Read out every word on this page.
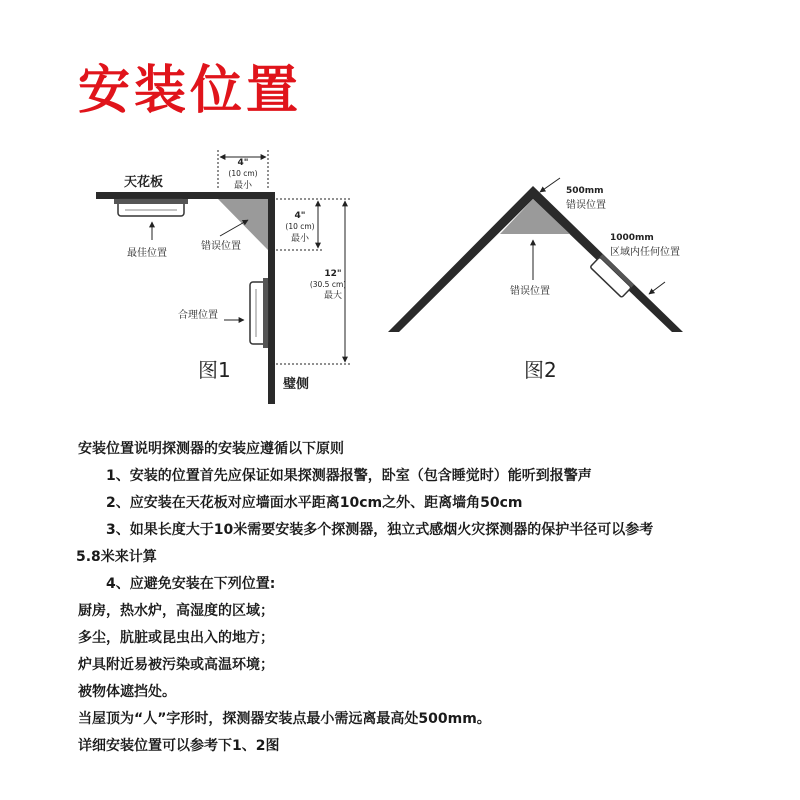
安装位置
天花板
最佳位置
错误位置
合理位置
4"
(10 cm)
最小
4"
(10 cm)
最小
12"
(30.5 cm)
最大
璧侧
图1
500mm
错误位置
1000mm
区域内任何位置
错误位置
图2
安装位置说明探测器的安装应遵循以下原则
1、安装的位置首先应保证如果探测器报警，卧室（包含睡觉时）能听到报警声
2、应安装在天花板对应墙面水平距离10cm之外、距离墙角50cm
3、如果长度大于10米需要安装多个探测器，独立式感烟火灾探测器的保护半径可以参考
5.8米来计算
4、应避免安装在下列位置:
厨房，热水炉，高湿度的区域；
多尘，肮脏或昆虫出入的地方；
炉具附近易被污染或高温环境；
被物体遮挡处。
当屋顶为“人”字形时，探测器安装点最小需远离最高处500mm。
详细安装位置可以参考下1、2图
